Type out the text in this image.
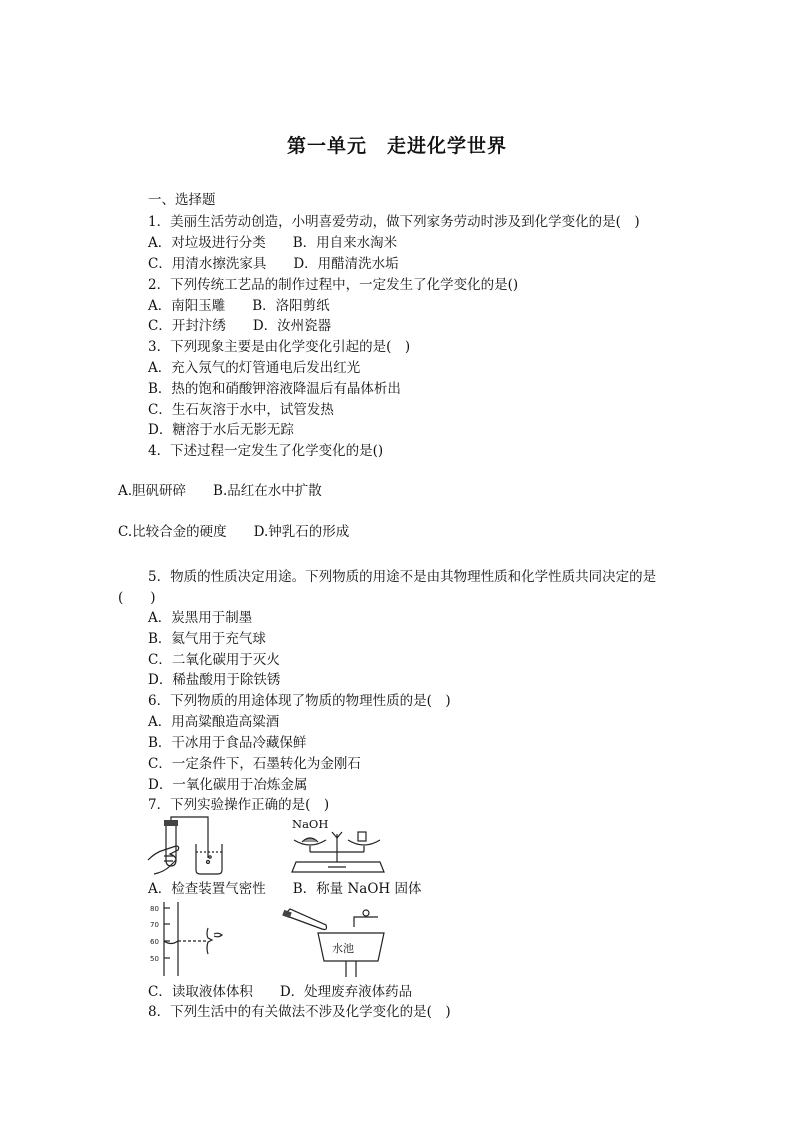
第一单元　走进化学世界
一、选择题
1．美丽生活劳动创造，小明喜爱劳动，做下列家务劳动时涉及到化学变化的是(　)
A．对垃圾进行分类　　B．用自来水淘米
C．用清水擦洗家具　　D．用醋清洗水垢
2．下列传统工艺品的制作过程中，一定发生了化学变化的是()
A．南阳玉雕　　B．洛阳剪纸
C．开封汴绣　　D．汝州瓷器
3．下列现象主要是由化学变化引起的是(　)
A．充入氖气的灯管通电后发出红光
B．热的饱和硝酸钾溶液降温后有晶体析出
C．生石灰溶于水中，试管发热
D．糖溶于水后无影无踪
4．下述过程一定发生了化学变化的是()
A.胆矾研碎　　B.品红在水中扩散
C.比较合金的硬度　　D.钟乳石的形成
5．物质的性质决定用途。下列物质的用途不是由其物理性质和化学性质共同决定的是
(　　)
A．炭黑用于制墨
B．氦气用于充气球
C．二氧化碳用于灭火
D．稀盐酸用于除铁锈
6．下列物质的用途体现了物质的物理性质的是(　)
A．用高粱酿造高粱酒
B．干冰用于食品冷藏保鲜
C．一定条件下，石墨转化为金刚石
D．一氧化碳用于冶炼金属
7．下列实验操作正确的是(　)
NaOH
A．检查装置气密性　　B．称量 NaOH 固体
80
70
60
50
水池
C．读取液体体积　　D．处理废弃液体药品
8．下列生活中的有关做法不涉及化学变化的是(　)
